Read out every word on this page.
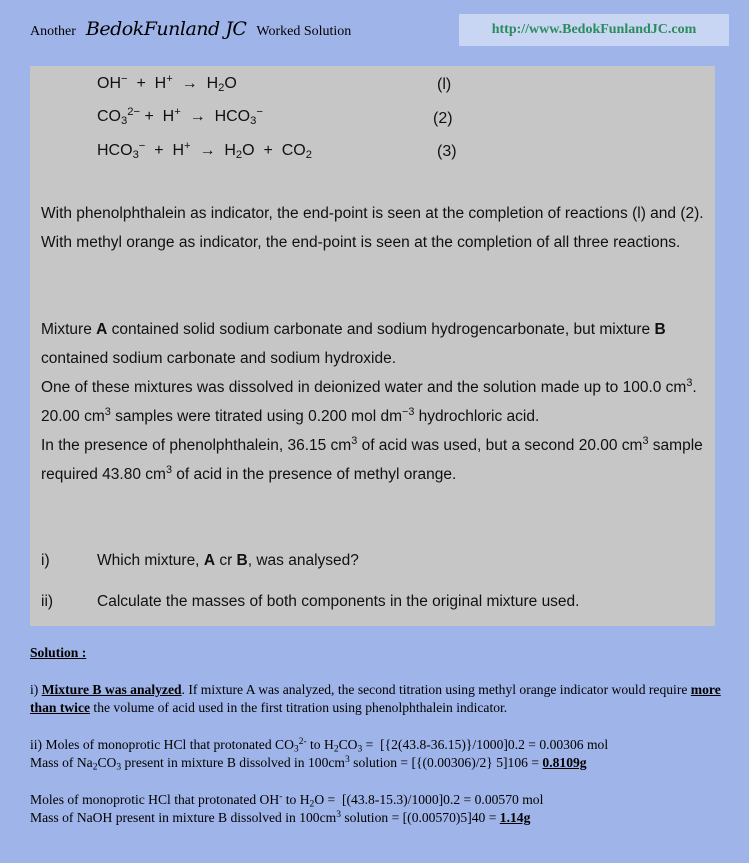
Another BedokFunland JC Worked Solution	http://www.BedokFunlandJC.com
$OH^- + H^+ \to H_2O$	(l)
$CO_3^{2-} + H^+ \to HCO_3^-$	(2)
$HCO_3^- + H^+ \to H_2O + CO_2$	(3)
With phenolphthalein as indicator, the end-point is seen at the completion of reactions (l) and (2).  With methyl orange as indicator, the end-point is seen at the completion of all three reactions.
Mixture A contained solid sodium carbonate and sodium hydrogencarbonate, but mixture B contained sodium carbonate and sodium hydroxide.
One of these mixtures was dissolved in deionized water and the solution made up to 100.0 $cm^3$.
20.00 $cm^3$ samples were titrated using 0.200 mol $dm^{-3}$ hydrochloric acid.
In the presence of phenolphthalein, 36.15 $cm^3$ of acid was used, but a second 20.00 $cm^3$ sample required 43.80 $cm^3$ of acid in the presence of methyl orange.
i)	Which mixture, A cr B, was analysed?
ii)	Calculate the masses of both components in the original mixture used.
Solution :
i) Mixture B was analyzed. If mixture A was analyzed, the second titration using methyl orange indicator would require more than twice the volume of acid used in the first titration using phenolphthalein indicator.
ii) Moles of monoprotic HCl that protonated $CO_3^{2-}$ to $H_2CO_3 = [\{2(43.8-36.15)\}/1000]0.2 = 0.00306$ mol
Mass of $Na_2CO_3$ present in mixture B dissolved in $100cm^3$ solution = [{(0.00306)/2} 5]106 = 0.8109g
Moles of monoprotic HCl that protonated OH- to $H_2O = [(43.8-15.3)/1000]0.2 = 0.00570$ mol
Mass of NaOH present in mixture B dissolved in $100cm^3$ solution = [(0.00570)5]40 = 1.14g
